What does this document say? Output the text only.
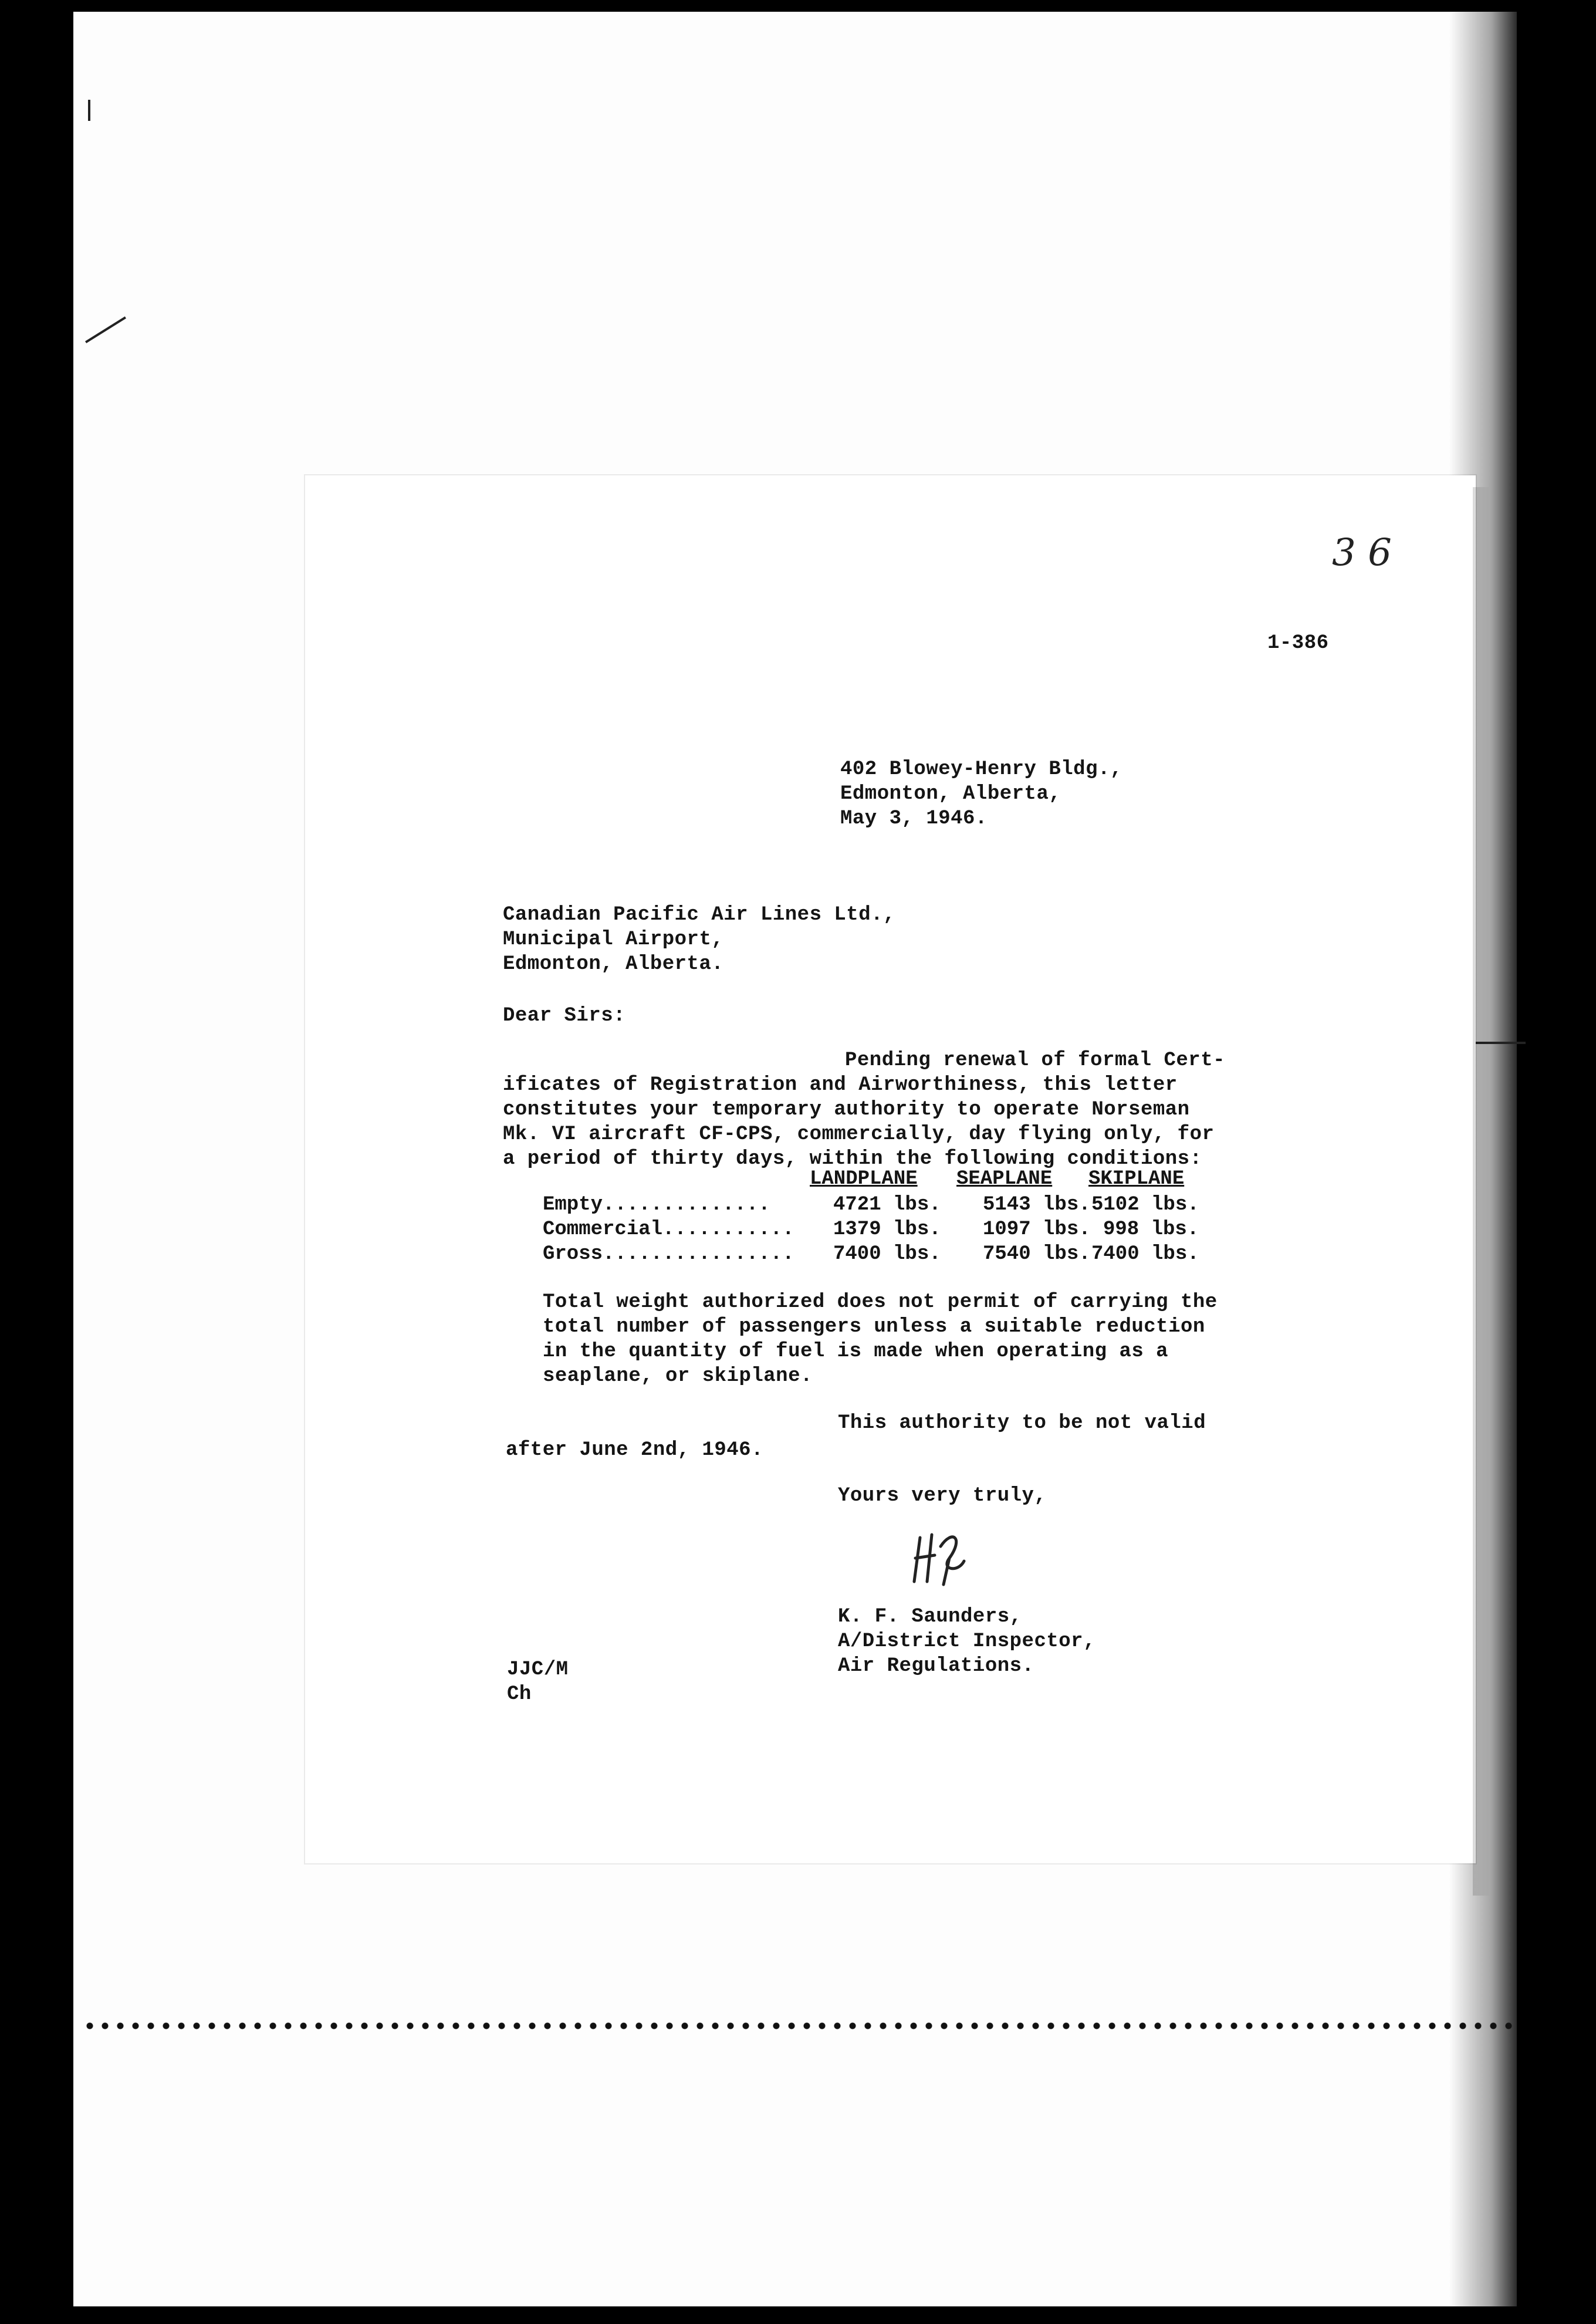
3 6

1-386

402 Blowey-Henry Bldg.,

Edmonton, Alberta,

May 3, 1946.

Canadian Pacific Air Lines Ltd.,

Municipal Airport,

Edmonton, Alberta.

Dear Sirs:

Pending renewal of formal Cert-

ificates of Registration and Airworthiness, this letter

constitutes your temporary authority to operate Norseman

Mk. VI aircraft CF-CPS, commercially, day flying only, for

a period of thirty days, within the following conditions:

LANDPLANE SEAPLANE SKIPLANE
Empty..............	4721 lbs. 5143 lbs. 5102 lbs.
Commercial........... 1379 lbs. 1097 lbs. 998 lbs.
Gross................ 7400 lbs. 7540 lbs. 7400 lbs.

Total weight authorized does not permit of carrying the

total number of passengers unless a suitable reduction

in the quantity of fuel is made when operating as a

seaplane, or skiplane.

This authority to be not valid

after June 2nd, 1946.

Yours very truly,

K. F. Saunders,

A/District Inspector,

Air Regulations.

JJC/M

Ch
